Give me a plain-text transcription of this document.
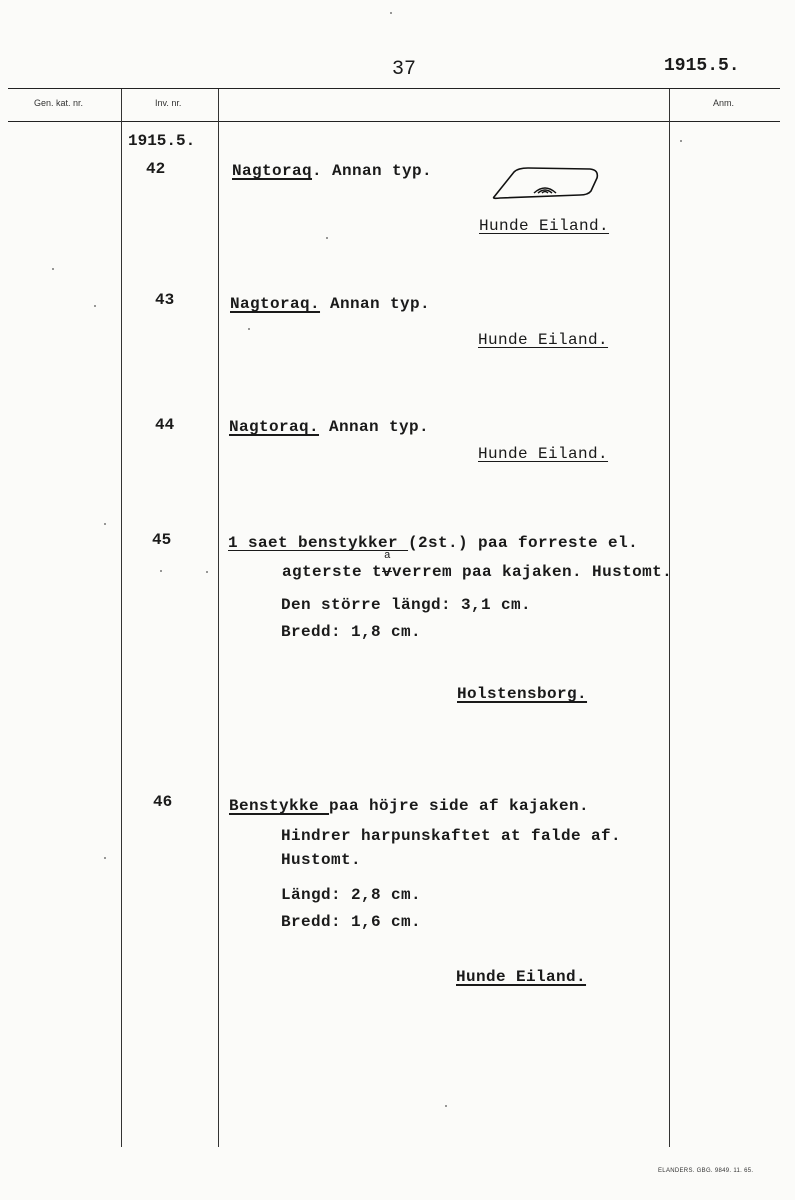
37	1915.5.
Gen. kat. nr.	Inv. nr.	Anm.
1915.5.
42	Nagtoraq. Annan typ.
Hunde Eiland.
43	Nagtoraq. Annan typ.
Hunde Eiland.
44	Nagtoraq. Annan typ.
Hunde Eiland.
45	1 saet benstykker (2st.) paa forreste el.
agterste t
a
vverrem paa kajaken. Hustomt.
Den större längd: 3,1 cm.
Bredd: 1,8 cm.
Holstensborg.
46	Benstykke paa höjre side af kajaken.
Hindrer harpunskaftet at falde af.
Hustomt.
Längd: 2,8 cm.
Bredd: 1,6 cm.
Hunde Eiland.
ELANDERS. GBG. 9849. 11. 65.
